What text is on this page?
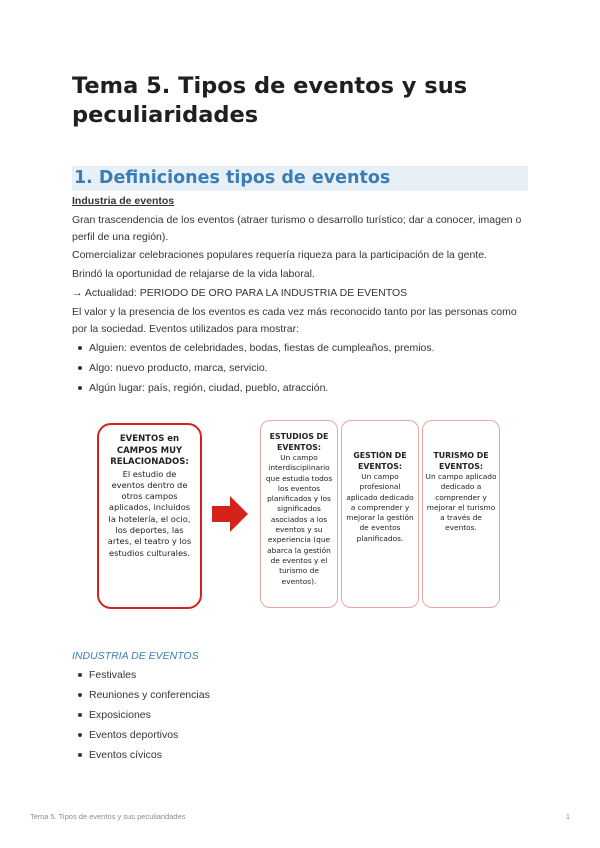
Tema 5. Tipos de eventos y sus peculiaridades
1. Definiciones tipos de eventos

Industria de eventos

Gran trascendencia de los eventos (atraer turismo o desarrollo turístico; dar a conocer, imagen o perfil de una región).

Comercializar celebraciones populares requería riqueza para la participación de la gente.

Brindó la oportunidad de relajarse de la vida laboral.

→ Actualidad: PERIODO DE ORO PARA LA INDUSTRIA DE EVENTOS

El valor y la presencia de los eventos es cada vez más reconocido tanto por las personas como por la sociedad. Eventos utilizados para mostrar:

Alguien: eventos de celebridades, bodas, fiestas de cumpleaños, premios.
Algo: nuevo producto, marca, servicio.
Algún lugar: país, región, ciudad, pueblo, atracción.
EVENTOS en CAMPOS MUY RELACIONADOS:
El estudio de eventos dentro de otros campos aplicados, incluidos la hotelería, el ocio, los deportes, las artes, el teatro y los estudios culturales.
ESTUDIOS DE EVENTOS:
Un campo interdisciplinario que estudia todos los eventos planificados y los significados asociados a los eventos y su experiencia (que abarca la gestión de eventos y el turismo de eventos).
GESTIÓN DE EVENTOS:
Un campo profesional aplicado dedicado a comprender y mejorar la gestión de eventos planificados.
TURISMO DE EVENTOS:
Un campo aplicado dedicado a comprender y mejorar el turismo a través de eventos.
INDUSTRIA DE EVENTOS
Festivales
Reuniones y conferencias
Exposiciones
Eventos deportivos
Eventos cívicos
Tema 5. Tipos de eventos y sus peculiaridades	1
